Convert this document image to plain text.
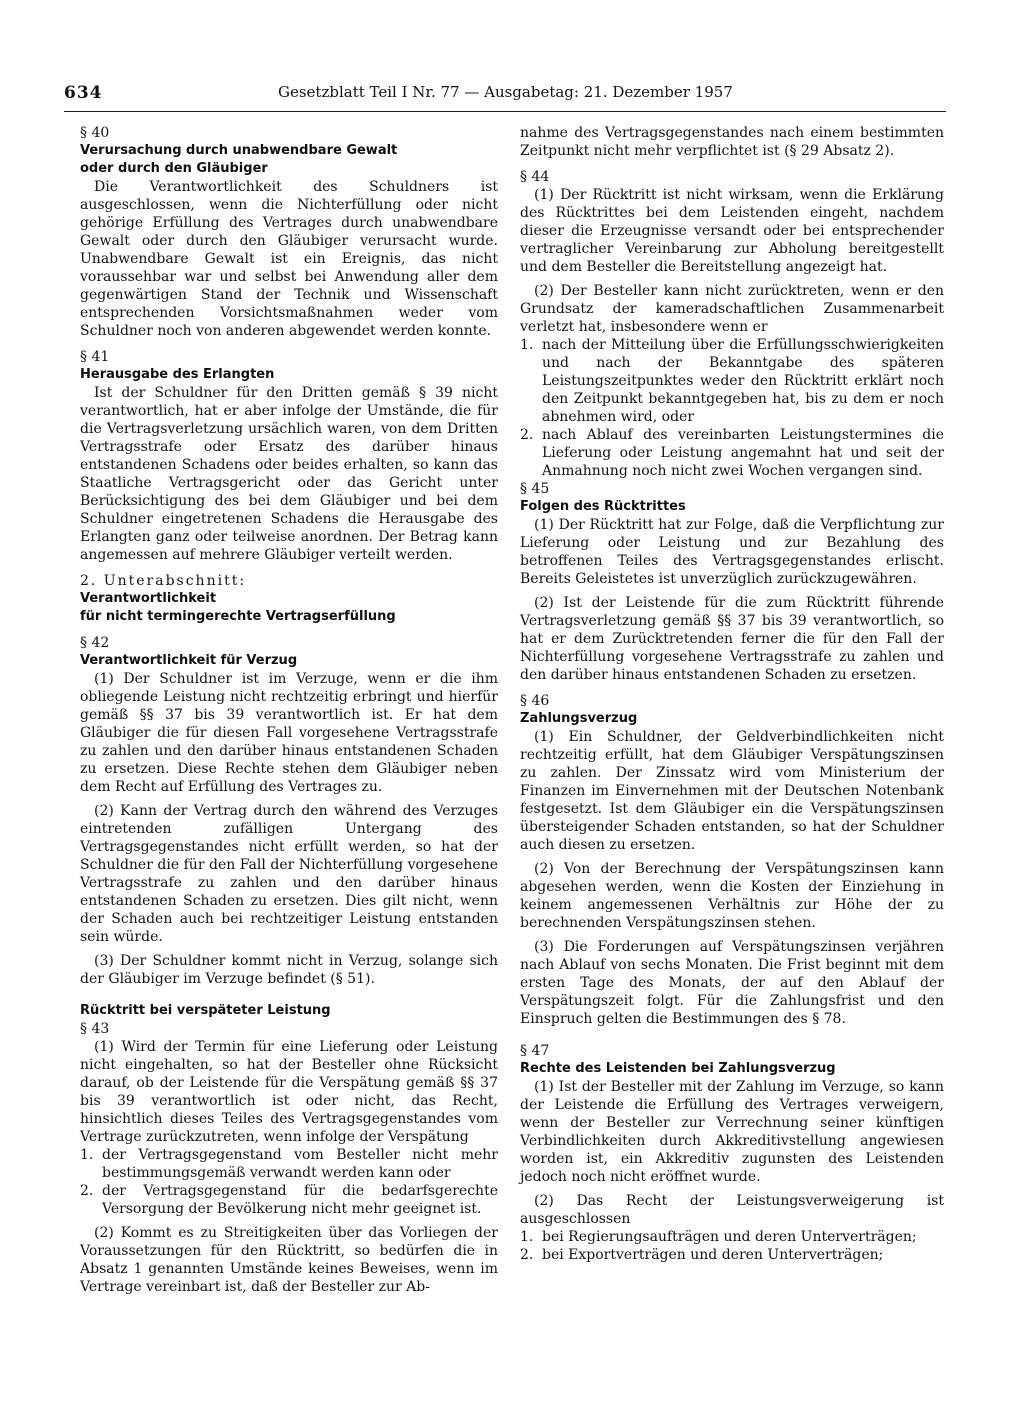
634	Gesetzblatt Teil I Nr. 77 — Ausgabetag: 21. Dezember 1957

§ 40

Verursachung durch unabwendbare Gewalt

oder durch den Gläubiger

Die Verantwortlichkeit des Schuldners ist ausgeschlossen, wenn die Nichterfüllung oder nicht gehörige Erfüllung des Vertrages durch unabwendbare Gewalt oder durch den Gläubiger verursacht wurde. Unabwendbare Gewalt ist ein Ereignis, das nicht voraussehbar war und selbst bei Anwendung aller dem gegenwärtigen Stand der Technik und Wissenschaft entsprechenden Vorsichtsmaßnahmen weder vom Schuldner noch von anderen abgewendet werden konnte.

§ 41

Herausgabe des Erlangten

Ist der Schuldner für den Dritten gemäß § 39 nicht verantwortlich, hat er aber infolge der Umstände, die für die Vertragsverletzung ursächlich waren, von dem Dritten Vertragsstrafe oder Ersatz des darüber hinaus entstandenen Schadens oder beides erhalten, so kann das Staatliche Vertragsgericht oder das Gericht unter Berücksichtigung des bei dem Gläubiger und bei dem Schuldner eingetretenen Schadens die Herausgabe des Erlangten ganz oder teilweise anordnen. Der Betrag kann angemessen auf mehrere Gläubiger verteilt werden.

2. Unterabschnitt:

Verantwortlichkeit

für nicht termingerechte Vertragserfüllung

§ 42

Verantwortlichkeit für Verzug

(1) Der Schuldner ist im Verzuge, wenn er die ihm obliegende Leistung nicht rechtzeitig erbringt und hierfür gemäß §§ 37 bis 39 verantwortlich ist. Er hat dem Gläubiger die für diesen Fall vorgesehene Vertragsstrafe zu zahlen und den darüber hinaus entstandenen Schaden zu ersetzen. Diese Rechte stehen dem Gläubiger neben dem Recht auf Erfüllung des Vertrages zu.

(2) Kann der Vertrag durch den während des Verzuges eintretenden zufälligen Untergang des Vertragsgegenstandes nicht erfüllt werden, so hat der Schuldner die für den Fall der Nichterfüllung vorgesehene Vertragsstrafe zu zahlen und den darüber hinaus entstandenen Schaden zu ersetzen. Dies gilt nicht, wenn der Schaden auch bei rechtzeitiger Leistung entstanden sein würde.

(3) Der Schuldner kommt nicht in Verzug, solange sich der Gläubiger im Verzuge befindet (§ 51).

Rücktritt bei verspäteter Leistung

§ 43

(1) Wird der Termin für eine Lieferung oder Leistung nicht eingehalten, so hat der Besteller ohne Rücksicht darauf, ob der Leistende für die Verspätung gemäß §§ 37 bis 39 verantwortlich ist oder nicht, das Recht, hinsichtlich dieses Teiles des Vertragsgegenstandes vom Vertrage zurückzutreten, wenn infolge der Verspätung

1. der Vertragsgegenstand vom Besteller nicht mehr bestimmungsgemäß verwandt werden kann oder
2. der Vertragsgegenstand für die bedarfsgerechte Versorgung der Bevölkerung nicht mehr geeignet ist.

(2) Kommt es zu Streitigkeiten über das Vorliegen der Voraussetzungen für den Rücktritt, so bedürfen die in Absatz 1 genannten Umstände keines Beweises, wenn im Vertrage vereinbart ist, daß der Besteller zur Ab-

nahme des Vertragsgegenstandes nach einem bestimmten Zeitpunkt nicht mehr verpflichtet ist (§ 29 Absatz 2).

§ 44

(1) Der Rücktritt ist nicht wirksam, wenn die Erklärung des Rücktrittes bei dem Leistenden eingeht, nachdem dieser die Erzeugnisse versandt oder bei entsprechender vertraglicher Vereinbarung zur Abholung bereitgestellt und dem Besteller die Bereitstellung angezeigt hat.

(2) Der Besteller kann nicht zurücktreten, wenn er den Grundsatz der kameradschaftlichen Zusammenarbeit verletzt hat, insbesondere wenn er

1. nach der Mitteilung über die Erfüllungsschwierigkeiten und nach der Bekanntgabe des späteren Leistungszeitpunktes weder den Rücktritt erklärt noch den Zeitpunkt bekanntgegeben hat, bis zu dem er noch abnehmen wird, oder
2. nach Ablauf des vereinbarten Leistungstermines die Lieferung oder Leistung angemahnt hat und seit der Anmahnung noch nicht zwei Wochen vergangen sind.

§ 45

Folgen des Rücktrittes

(1) Der Rücktritt hat zur Folge, daß die Verpflichtung zur Lieferung oder Leistung und zur Bezahlung des betroffenen Teiles des Vertragsgegenstandes erlischt. Bereits Geleistetes ist unverzüglich zurückzugewähren.

(2) Ist der Leistende für die zum Rücktritt führende Vertragsverletzung gemäß §§ 37 bis 39 verantwortlich, so hat er dem Zurücktretenden ferner die für den Fall der Nichterfüllung vorgesehene Vertragsstrafe zu zahlen und den darüber hinaus entstandenen Schaden zu ersetzen.

§ 46

Zahlungsverzug

(1) Ein Schuldner, der Geldverbindlichkeiten nicht rechtzeitig erfüllt, hat dem Gläubiger Verspätungszinsen zu zahlen. Der Zinssatz wird vom Ministerium der Finanzen im Einvernehmen mit der Deutschen Notenbank festgesetzt. Ist dem Gläubiger ein die Verspätungszinsen übersteigender Schaden entstanden, so hat der Schuldner auch diesen zu ersetzen.

(2) Von der Berechnung der Verspätungszinsen kann abgesehen werden, wenn die Kosten der Einziehung in keinem angemessenen Verhältnis zur Höhe der zu berechnenden Verspätungszinsen stehen.

(3) Die Forderungen auf Verspätungszinsen verjähren nach Ablauf von sechs Monaten. Die Frist beginnt mit dem ersten Tage des Monats, der auf den Ablauf der Verspätungszeit folgt. Für die Zahlungsfrist und den Einspruch gelten die Bestimmungen des § 78.

§ 47

Rechte des Leistenden bei Zahlungsverzug

(1) Ist der Besteller mit der Zahlung im Verzuge, so kann der Leistende die Erfüllung des Vertrages verweigern, wenn der Besteller zur Verrechnung seiner künftigen Verbindlichkeiten durch Akkreditivstellung angewiesen worden ist, ein Akkreditiv zugunsten des Leistenden jedoch noch nicht eröffnet wurde.

(2) Das Recht der Leistungsverweigerung ist ausgeschlossen

1. bei Regierungsaufträgen und deren Unterverträgen;
2. bei Exportverträgen und deren Unterverträgen;
